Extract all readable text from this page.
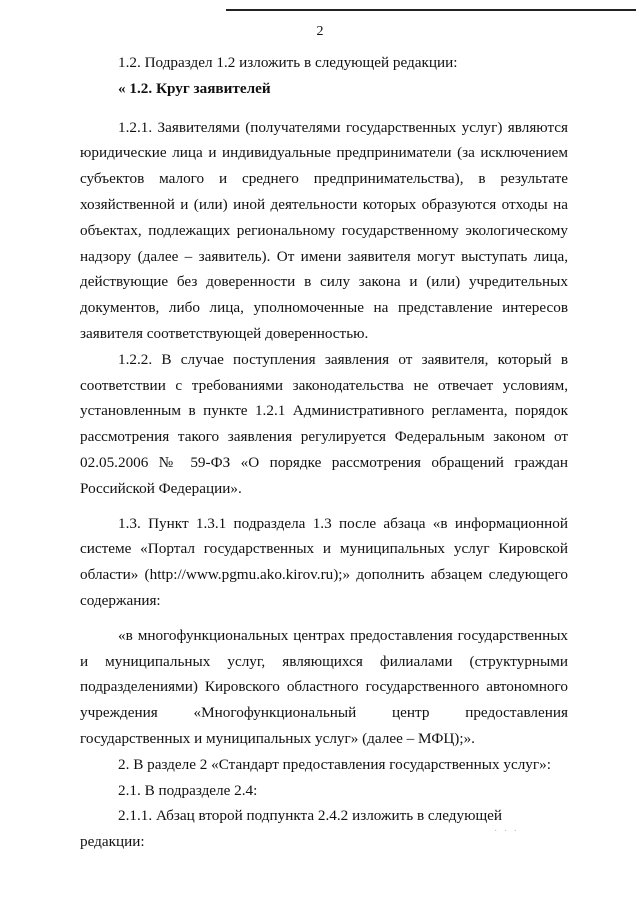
2

1.2. Подраздел 1.2 изложить в следующей редакции:

« 1.2. Круг заявителей

1.2.1. Заявителями (получателями государственных услуг) являются юридические лица и индивидуальные предприниматели (за исключением субъектов малого и среднего предпринимательства), в результате хозяйственной и (или) иной деятельности которых образуются отходы на объектах, подлежащих региональному государственному экологическому надзору (далее – заявитель). От имени заявителя могут выступать лица, действующие без доверенности в силу закона и (или) учредительных документов, либо лица, уполномоченные на представление интересов заявителя соответствующей доверенностью.

1.2.2. В случае поступления заявления от заявителя, который в соответствии с требованиями законодательства не отвечает условиям, установленным в пункте 1.2.1 Административного регламента, порядок рассмотрения такого заявления регулируется Федеральным законом от 02.05.2006 № 59-ФЗ «О порядке рассмотрения обращений граждан Российской Федерации».

1.3. Пункт 1.3.1 подраздела 1.3 после абзаца «в информационной системе «Портал государственных и муниципальных услуг Кировской области» (http://www.pgmu.ako.kirov.ru);» дополнить абзацем следующего содержания:

«в многофункциональных центрах предоставления государственных и муниципальных услуг, являющихся филиалами (структурными подразделениями) Кировского областного государственного автономного учреждения «Многофункциональный центр предоставления государственных и муниципальных услуг» (далее – МФЦ);».

2. В разделе 2 «Стандарт предоставления государственных услуг»:

2.1. В подразделе 2.4:

2.1.1. Абзац второй подпункта 2.4.2 изложить в следующей редакции:

· · ·
